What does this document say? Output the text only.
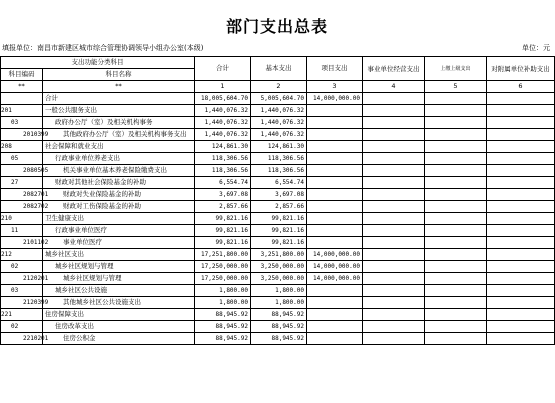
部门支出总表
填报单位：南昌市新建区城市综合管理协调领导小组办公室(本级)	单位：元
支出功能分类科目		合计	基本支出	项目支出	事业单位经营支出	上缴上级支出	对附属单位补助支出
科目编码	科目名称						
**	**	1	2	3	4	5	6
	合计	18,005,604.70	5,005,604.70	14,000,000.00			
201	一般公共服务支出	1,440,076.32	1,440,076.32				
03	政府办公厅（室）及相关机构事务	1,440,076.32	1,440,076.32				
2010399	其他政府办公厅（室）及相关机构事务支出	1,440,076.32	1,440,076.32				
208	社会保障和就业支出	124,861.30	124,861.30				
05	行政事业单位养老支出	118,306.56	118,306.56				
2080505	机关事业单位基本养老保险缴费支出	118,306.56	118,306.56				
27	财政对其他社会保险基金的补助	6,554.74	6,554.74				
2082701	财政对失业保险基金的补助	3,697.08	3,697.08				
2082702	财政对工伤保险基金的补助	2,857.66	2,857.66				
210	卫生健康支出	99,821.16	99,821.16				
11	行政事业单位医疗	99,821.16	99,821.16				
2101102	事业单位医疗	99,821.16	99,821.16				
212	城乡社区支出	17,251,800.00	3,251,800.00	14,000,000.00			
02	城乡社区规划与管理	17,250,000.00	3,250,000.00	14,000,000.00			
2120201	城乡社区规划与管理	17,250,000.00	3,250,000.00	14,000,000.00			
03	城乡社区公共设施	1,800.00	1,800.00				
2120399	其他城乡社区公共设施支出	1,800.00	1,800.00				
221	住房保障支出	88,945.92	88,945.92				
02	住房改革支出	88,945.92	88,945.92				
2210201	住房公积金	88,945.92	88,945.92				
